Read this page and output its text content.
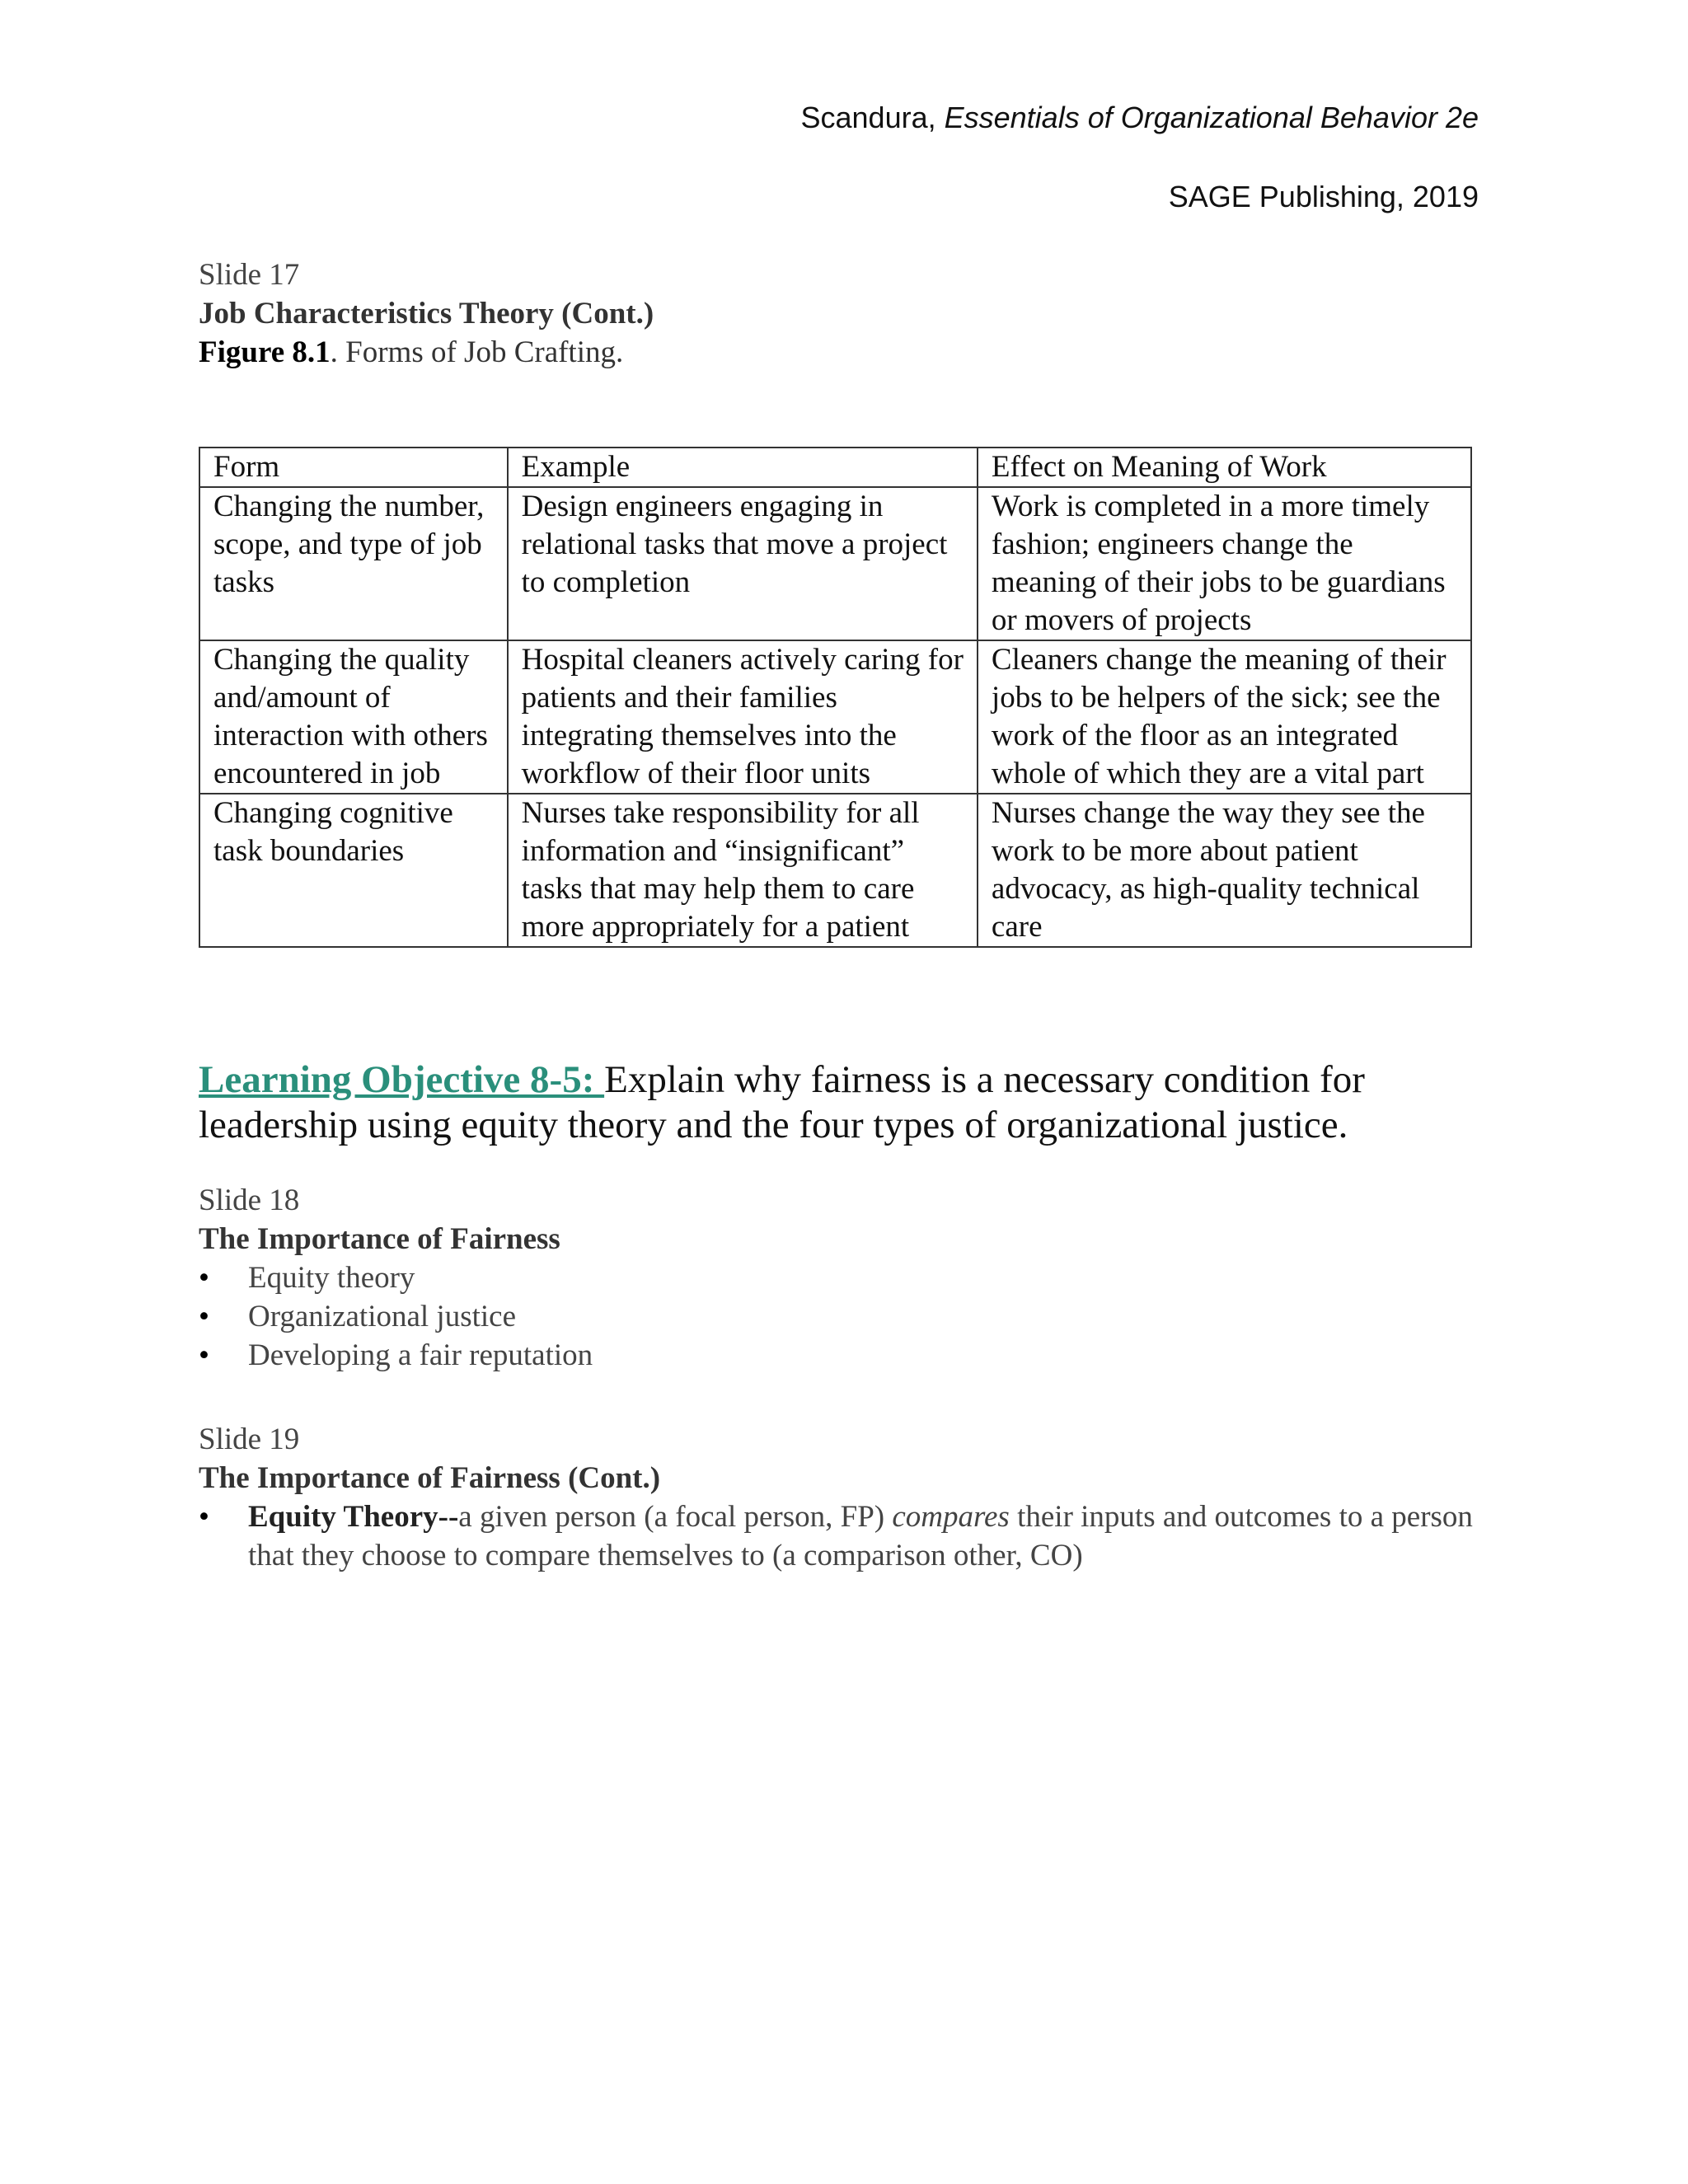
Scandura, Essentials of Organizational Behavior 2e
SAGE Publishing, 2019
Slide 17
Job Characteristics Theory (Cont.)
Figure 8.1. Forms of Job Crafting.
Form	Example	Effect on Meaning of Work
Changing the number, scope, and type of job tasks	Design engineers engaging in relational tasks that move a project to completion	Work is completed in a more timely fashion; engineers change the meaning of their jobs to be guardians or movers of projects
Changing the quality and/amount of interaction with others encountered in job	Hospital cleaners actively caring for patients and their families integrating themselves into the workflow of their floor units	Cleaners change the meaning of their jobs to be helpers of the sick; see the work of the floor as an integrated whole of which they are a vital part
Changing cognitive task boundaries	Nurses take responsibility for all information and “insignificant” tasks that may help them to care more appropriately for a patient	Nurses change the way they see the work to be more about patient advocacy, as high-quality technical care
Learning Objective 8-5: Explain why fairness is a necessary condition for leadership using equity theory and the four types of organizational justice.
Slide 18
The Importance of Fairness
• Equity theory
• Organizational justice
• Developing a fair reputation
Slide 19
The Importance of Fairness (Cont.)
• Equity Theory--a given person (a focal person, FP) compares their inputs and outcomes to a person that they choose to compare themselves to (a comparison other, CO)
